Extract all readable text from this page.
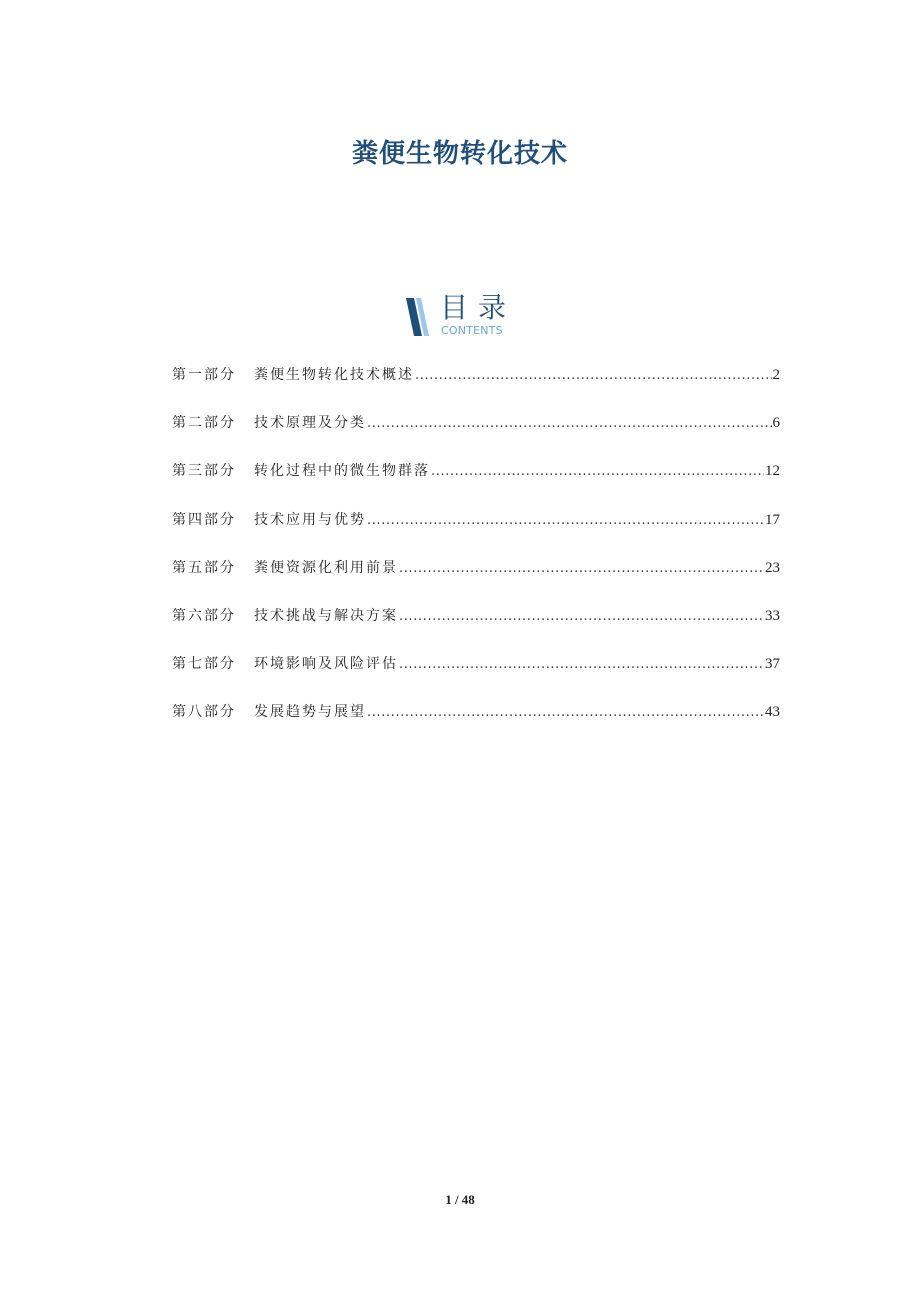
粪便生物转化技术
目录
CONTENTS
第一部分	粪便生物转化技术概述 .....	2
第二部分	技术原理及分类 .....	6
第三部分	转化过程中的微生物群落 .....	12
第四部分	技术应用与优势 .....	17
第五部分	粪便资源化利用前景 .....	23
第六部分	技术挑战与解决方案 .....	33
第七部分	环境影响及风险评估 .....	37
第八部分	发展趋势与展望 .....	43
1 / 48
